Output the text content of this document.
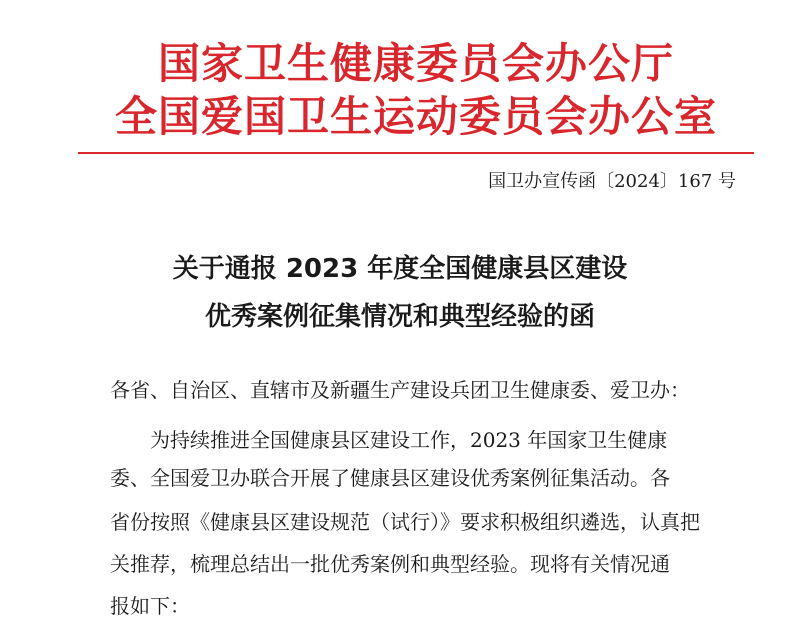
国家卫生健康委员会办公厅
全国爱国卫生运动委员会办公室
国卫办宣传函〔2024〕167 号
关于通报 2023 年度全国健康县区建设
优秀案例征集情况和典型经验的函
各省、自治区、直辖市及新疆生产建设兵团卫生健康委、爱卫办：
为持续推进全国健康县区建设工作，2023 年国家卫生健康
委、全国爱卫办联合开展了健康县区建设优秀案例征集活动。各
省份按照《健康县区建设规范（试行）》要求积极组织遴选，认真把
关推荐，梳理总结出一批优秀案例和典型经验。现将有关情况通
报如下：
